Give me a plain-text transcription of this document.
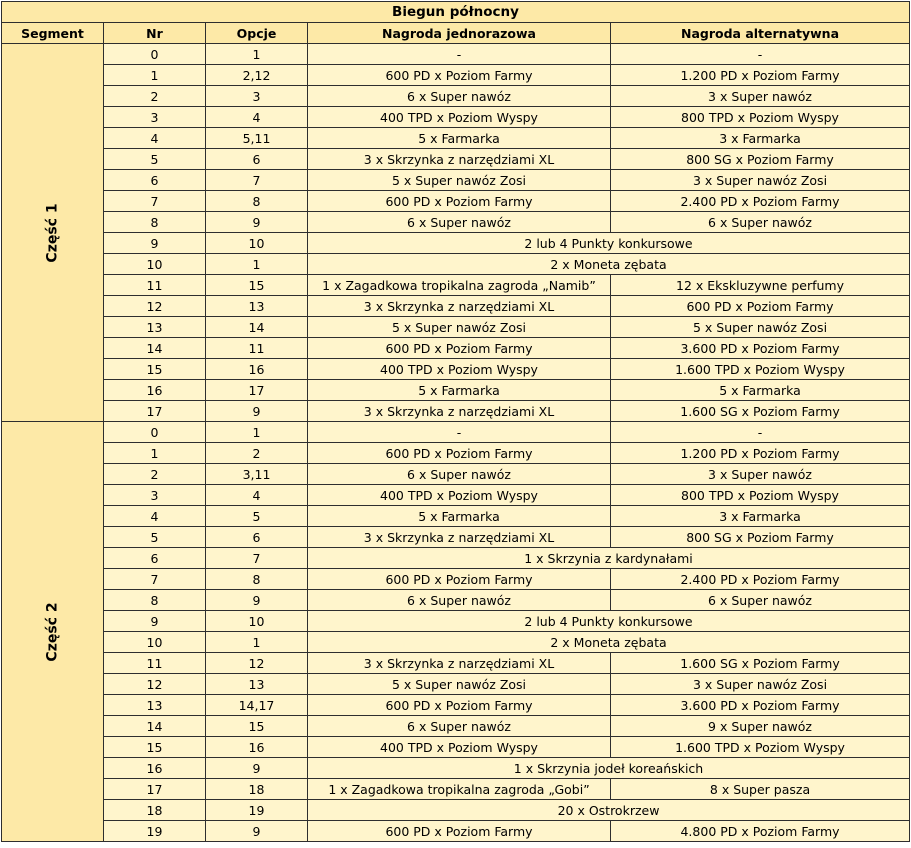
Biegun północny				
Segment	Nr	Opcje	Nagroda jednorazowa	Nagroda alternatywna
Część 1	0	1	-	-
	1	2,12	600 PD x Poziom Farmy	1.200 PD x Poziom Farmy
	2	3	6 x Super nawóz	3 x Super nawóz
	3	4	400 TPD x Poziom Wyspy	800 TPD x Poziom Wyspy
	4	5,11	5 x Farmarka	3 x Farmarka
	5	6	3 x Skrzynka z narzędziami XL	800 SG x Poziom Farmy
	6	7	5 x Super nawóz Zosi	3 x Super nawóz Zosi
	7	8	600 PD x Poziom Farmy	2.400 PD x Poziom Farmy
	8	9	6 x Super nawóz	6 x Super nawóz
	9	10	2 lub 4 Punkty konkursowe	
	10	1	2 x Moneta zębata	
	11	15	1 x Zagadkowa tropikalna zagroda „Namib”	12 x Ekskluzywne perfumy
	12	13	3 x Skrzynka z narzędziami XL	600 PD x Poziom Farmy
	13	14	5 x Super nawóz Zosi	5 x Super nawóz Zosi
	14	11	600 PD x Poziom Farmy	3.600 PD x Poziom Farmy
	15	16	400 TPD x Poziom Wyspy	1.600 TPD x Poziom Wyspy
	16	17	5 x Farmarka	5 x Farmarka
	17	9	3 x Skrzynka z narzędziami XL	1.600 SG x Poziom Farmy
Część 2	0	1	-	-
	1	2	600 PD x Poziom Farmy	1.200 PD x Poziom Farmy
	2	3,11	6 x Super nawóz	3 x Super nawóz
	3	4	400 TPD x Poziom Wyspy	800 TPD x Poziom Wyspy
	4	5	5 x Farmarka	3 x Farmarka
	5	6	3 x Skrzynka z narzędziami XL	800 SG x Poziom Farmy
	6	7	1 x Skrzynia z kardynałami	
	7	8	600 PD x Poziom Farmy	2.400 PD x Poziom Farmy
	8	9	6 x Super nawóz	6 x Super nawóz
	9	10	2 lub 4 Punkty konkursowe	
	10	1	2 x Moneta zębata	
	11	12	3 x Skrzynka z narzędziami XL	1.600 SG x Poziom Farmy
	12	13	5 x Super nawóz Zosi	3 x Super nawóz Zosi
	13	14,17	600 PD x Poziom Farmy	3.600 PD x Poziom Farmy
	14	15	6 x Super nawóz	9 x Super nawóz
	15	16	400 TPD x Poziom Wyspy	1.600 TPD x Poziom Wyspy
	16	9	1 x Skrzynia jodeł koreańskich	
	17	18	1 x Zagadkowa tropikalna zagroda „Gobi”	8 x Super pasza
	18	19	20 x Ostrokrzew	
	19	9	600 PD x Poziom Farmy	4.800 PD x Poziom Farmy
